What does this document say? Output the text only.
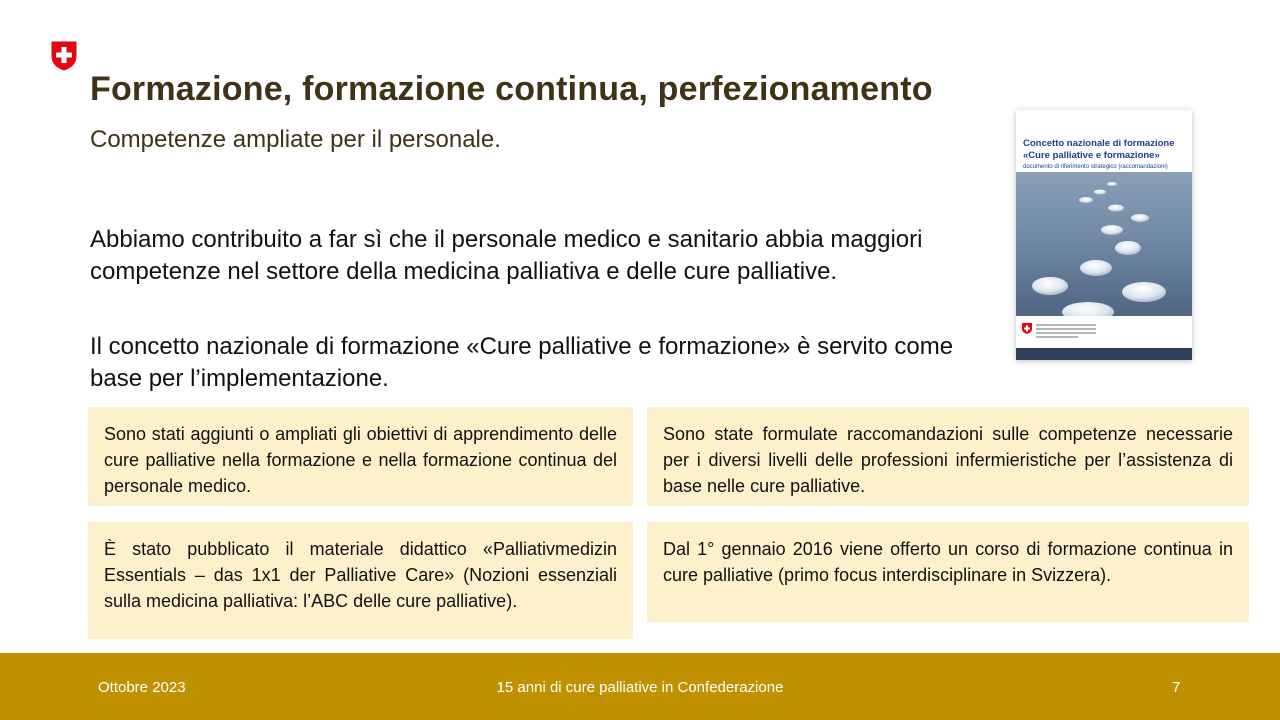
Formazione, formazione continua, perfezionamento

Competenze ampliate per il personale.

Abbiamo contribuito a far sì che il personale medico e sanitario abbia maggiori competenze nel settore della medicina palliativa e delle cure palliative.

Il concetto nazionale di formazione «Cure palliative e formazione» è servito come base per l’implementazione.

Concetto nazionale di formazione
«Cure palliative e formazione»
documento di riferimento strategico (raccomandazioni)
Sono stati aggiunti o ampliati gli obiettivi di apprendimento delle cure palliative nella formazione e nella formazione continua del personale medico.
Sono state formulate raccomandazioni sulle competenze necessarie per i diversi livelli delle professioni infermieristiche per l’assistenza di base nelle cure palliative.
È stato pubblicato il materiale didattico «Palliativmedizin Essentials – das 1x1 der Palliative Care» (Nozioni essenziali sulla medicina palliativa: l’ABC delle cure palliative).
Dal 1° gennaio 2016 viene offerto un corso di formazione continua in cure palliative (primo focus interdisciplinare in Svizzera).
Ottobre 2023	15 anni di cure palliative in Confederazione	7
